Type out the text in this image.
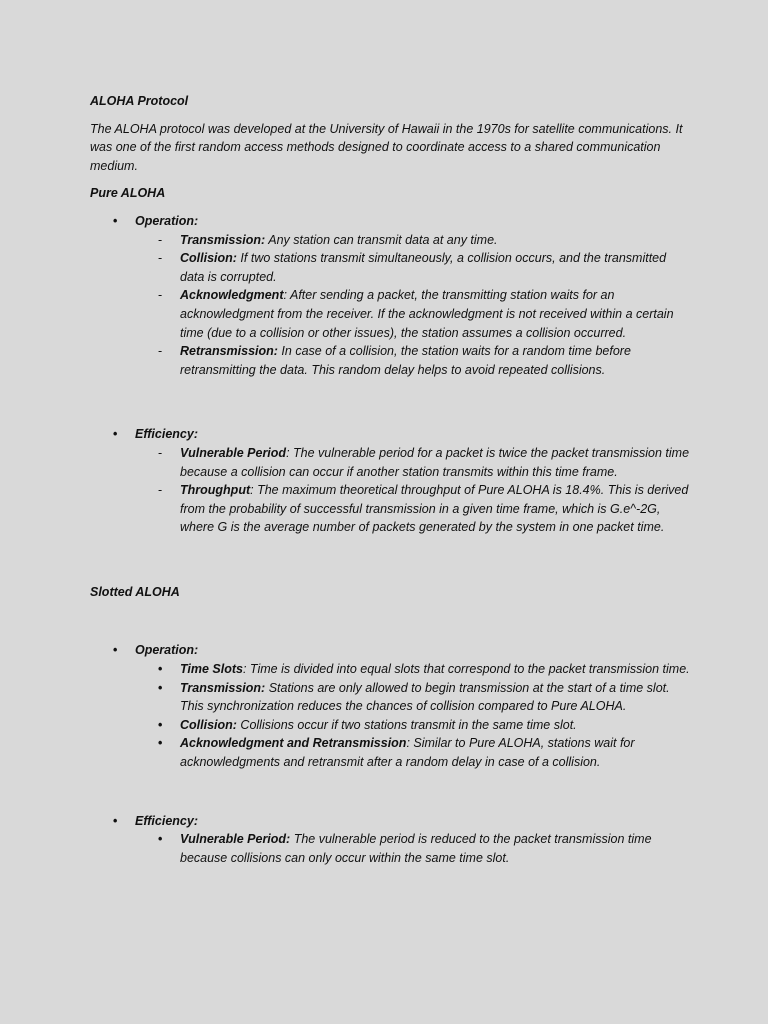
ALOHA Protocol

The ALOHA protocol was developed at the University of Hawaii in the 1970s for satellite communications. It was one of the first random access methods designed to coordinate access to a shared communication medium.

Pure ALOHA

• Operation:
- Transmission: Any station can transmit data at any time.
- Collision: If two stations transmit simultaneously, a collision occurs, and the transmitted data is corrupted.
- Acknowledgment: After sending a packet, the transmitting station waits for an acknowledgment from the receiver. If the acknowledgment is not received within a certain time (due to a collision or other issues), the station assumes a collision occurred.
- Retransmission: In case of a collision, the station waits for a random time before retransmitting the data. This random delay helps to avoid repeated collisions.
• Efficiency:
- Vulnerable Period: The vulnerable period for a packet is twice the packet transmission time because a collision can occur if another station transmits within this time frame.
- Throughput: The maximum theoretical throughput of Pure ALOHA is 18.4%. This is derived from the probability of successful transmission in a given time frame, which is G.e^-2G, where G is the average number of packets generated by the system in one packet time.

Slotted ALOHA

• Operation:
• Time Slots: Time is divided into equal slots that correspond to the packet transmission time.
• Transmission: Stations are only allowed to begin transmission at the start of a time slot. This synchronization reduces the chances of collision compared to Pure ALOHA.
• Collision: Collisions occur if two stations transmit in the same time slot.
• Acknowledgment and Retransmission: Similar to Pure ALOHA, stations wait for acknowledgments and retransmit after a random delay in case of a collision.
• Efficiency:
• Vulnerable Period: The vulnerable period is reduced to the packet transmission time because collisions can only occur within the same time slot.
